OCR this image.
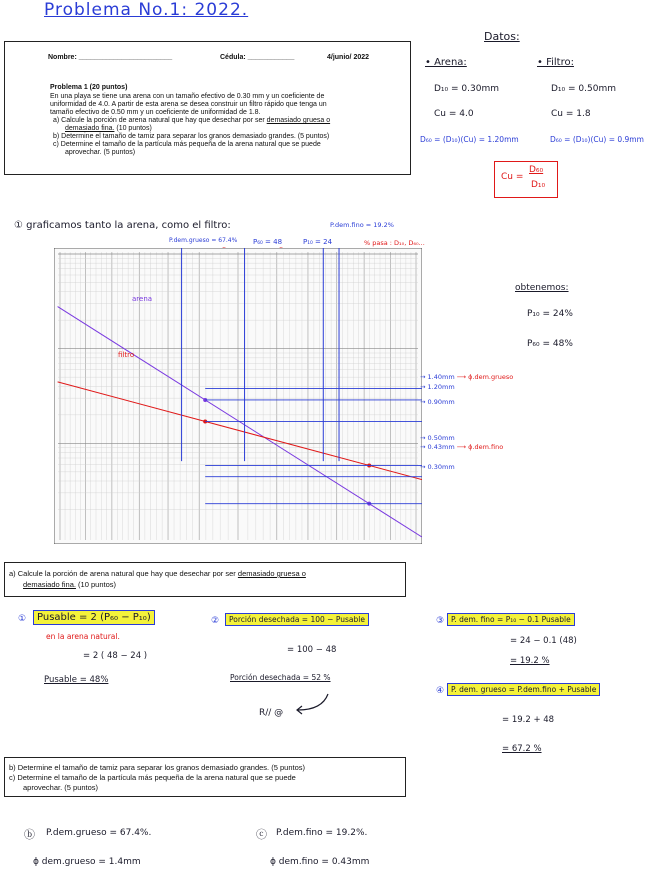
Problema No.1: 2022.
Nombre: ________________________	Cédula: ____________	4/junio/ 2022
Problema 1 (20 puntos)
En una playa se tiene una arena con un tamaño efectivo de 0.30 mm y un coeficiente de
uniformidad de 4.0. A partir de esta arena se desea construir un filtro rápido que tenga un
tamaño efectivo de 0.50 mm y un coeficiente de uniformidad de 1.8.
a) Calcule la porción de arena natural que hay que desechar por ser demasiado gruesa o
demasiado fina. (10 puntos)
b) Determine el tamaño de tamiz para separar los granos demasiado grandes. (5 puntos)
c) Determine el tamaño de la partícula más pequeña de la arena natural que se puede
aprovechar. (5 puntos)
Datos:
• Arena:	• Filtro:
D₁₀ = 0.30mm	D₁₀ = 0.50mm
Cu = 4.0	Cu = 1.8
D₆₀ = (D₁₀)(Cu) = 1.20mm	D₆₀ = (D₁₀)(Cu) = 0.9mm
Cu =
D₆₀
D₁₀
① graficamos tanto la arena, como el filtro:	P.dem.fino = 19.2%
P.dem.grueso = 67.4% P₆₀ = 48	P₁₀ = 24	% pasa : D₁₀, D₆₀...
arena
filtro
→ 1.40mm ⟶ ϕ.dem.grueso
→ 1.20mm
→ 0.90mm
→ 0.50mm
→ 0.43mm ⟶ ϕ.dem.fino
→ 0.30mm
obtenemos:
P₁₀ = 24%
P₆₀ = 48%
a) Calcule la porción de arena natural que hay que desechar por ser demasiado gruesa o
demasiado fina. (10 puntos)
①	Pusable = 2 (P₆₀ − P₁₀)
en la arena natural.
= 2 ( 48 − 24 )
Pusable = 48%
②	Porción desechada = 100 − Pusable
= 100 − 48
Porción desechada = 52 %
R// @
③ P. dem. fino = P₁₀ − 0.1 Pusable
= 24 − 0.1 (48)
= 19.2 %
④ P. dem. grueso = P.dem.fino + Pusable
= 19.2 + 48
= 67.2 %
b) Determine el tamaño de tamiz para separar los granos demasiado grandes. (5 puntos)
c) Determine el tamaño de la partícula más pequeña de la arena natural que se puede
aprovechar. (5 puntos)
ⓑ P.dem.grueso = 67.4%.
ϕ dem.grueso = 1.4mm
ⓒ P.dem.fino = 19.2%.
ϕ dem.fino = 0.43mm
